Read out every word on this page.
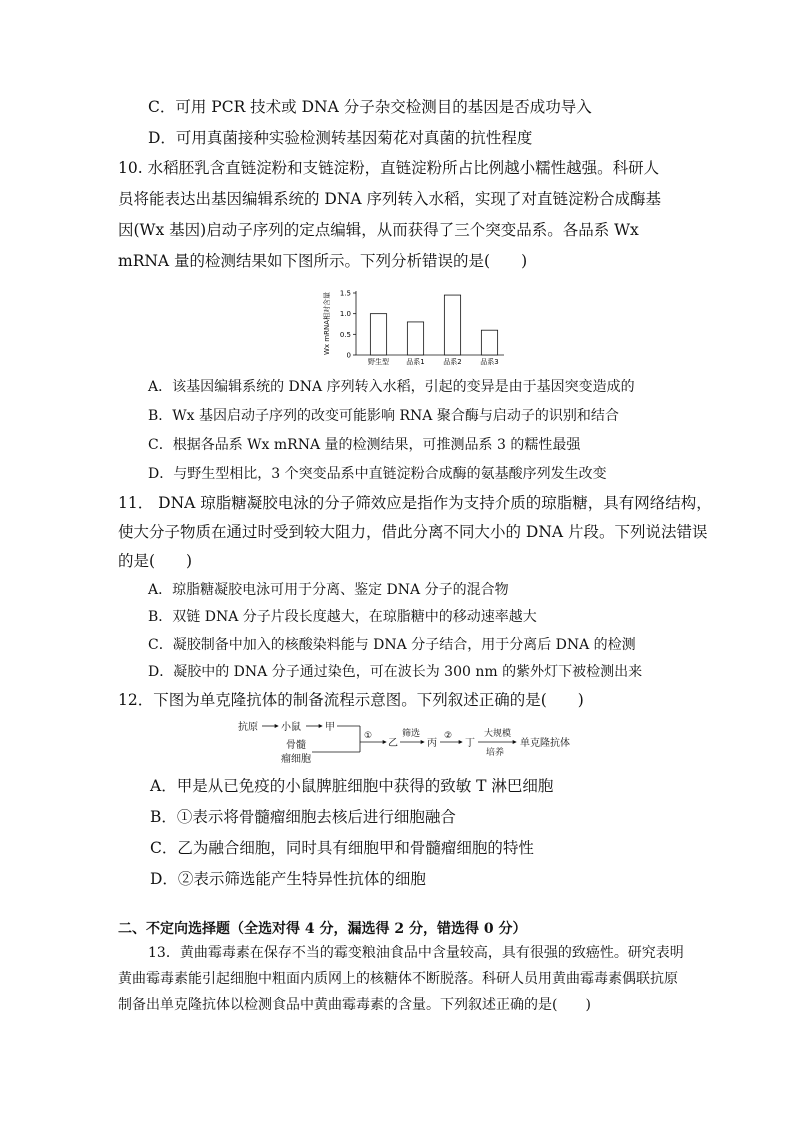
C．可用 PCR 技术或 DNA 分子杂交检测目的基因是否成功导入
D．可用真菌接种实验检测转基因菊花对真菌的抗性程度
10. 水稻胚乳含直链淀粉和支链淀粉，直链淀粉所占比例越小糯性越强。科研人
员将能表达出基因编辑系统的 DNA 序列转入水稻，实现了对直链淀粉合成酶基
因(Wx 基因)启动子序列的定点编辑，从而获得了三个突变品系。各品系 Wx
mRNA 量的检测结果如下图所示。下列分析错误的是(　　)
Wx mRNA相对含量
0
0.5
1.0
1.5
野生型 品系1	品系2	品系3
A．该基因编辑系统的 DNA 序列转入水稻，引起的变异是由于基因突变造成的
B．Wx 基因启动子序列的改变可能影响 RNA 聚合酶与启动子的识别和结合
C．根据各品系 Wx mRNA 量的检测结果，可推测品系 3 的糯性最强
D．与野生型相比，3 个突变品系中直链淀粉合成酶的氨基酸序列发生改变
11． DNA 琼脂糖凝胶电泳的分子筛效应是指作为支持介质的琼脂糖，具有网络结构，
使大分子物质在通过时受到较大阻力，借此分离不同大小的 DNA 片段。下列说法错误
的是(　　)
A．琼脂糖凝胶电泳可用于分离、鉴定 DNA 分子的混合物
B．双链 DNA 分子片段长度越大，在琼脂糖中的移动速率越大
C．凝胶制备中加入的核酸染料能与 DNA 分子结合，用于分离后 DNA 的检测
D．凝胶中的 DNA 分子通过染色，可在波长为 300 nm 的紫外灯下被检测出来
12．下图为单克隆抗体的制备流程示意图。下列叙述正确的是(　　)
抗原 小鼠 甲
骨髓
瘤细胞
①
乙
筛选
丙
②
丁
大规模
培养
单克隆抗体
A．甲是从已免疫的小鼠脾脏细胞中获得的致敏 T 淋巴细胞
B．①表示将骨髓瘤细胞去核后进行细胞融合
C．乙为融合细胞，同时具有细胞甲和骨髓瘤细胞的特性
D．②表示筛选能产生特异性抗体的细胞
二、不定向选择题（全选对得 4 分，漏选得 2 分，错选得 0 分）
13．黄曲霉毒素在保存不当的霉变粮油食品中含量较高，具有很强的致癌性。研究表明
黄曲霉毒素能引起细胞中粗面内质网上的核糖体不断脱落。科研人员用黄曲霉毒素偶联抗原
制备出单克隆抗体以检测食品中黄曲霉毒素的含量。下列叙述正确的是(　　)
